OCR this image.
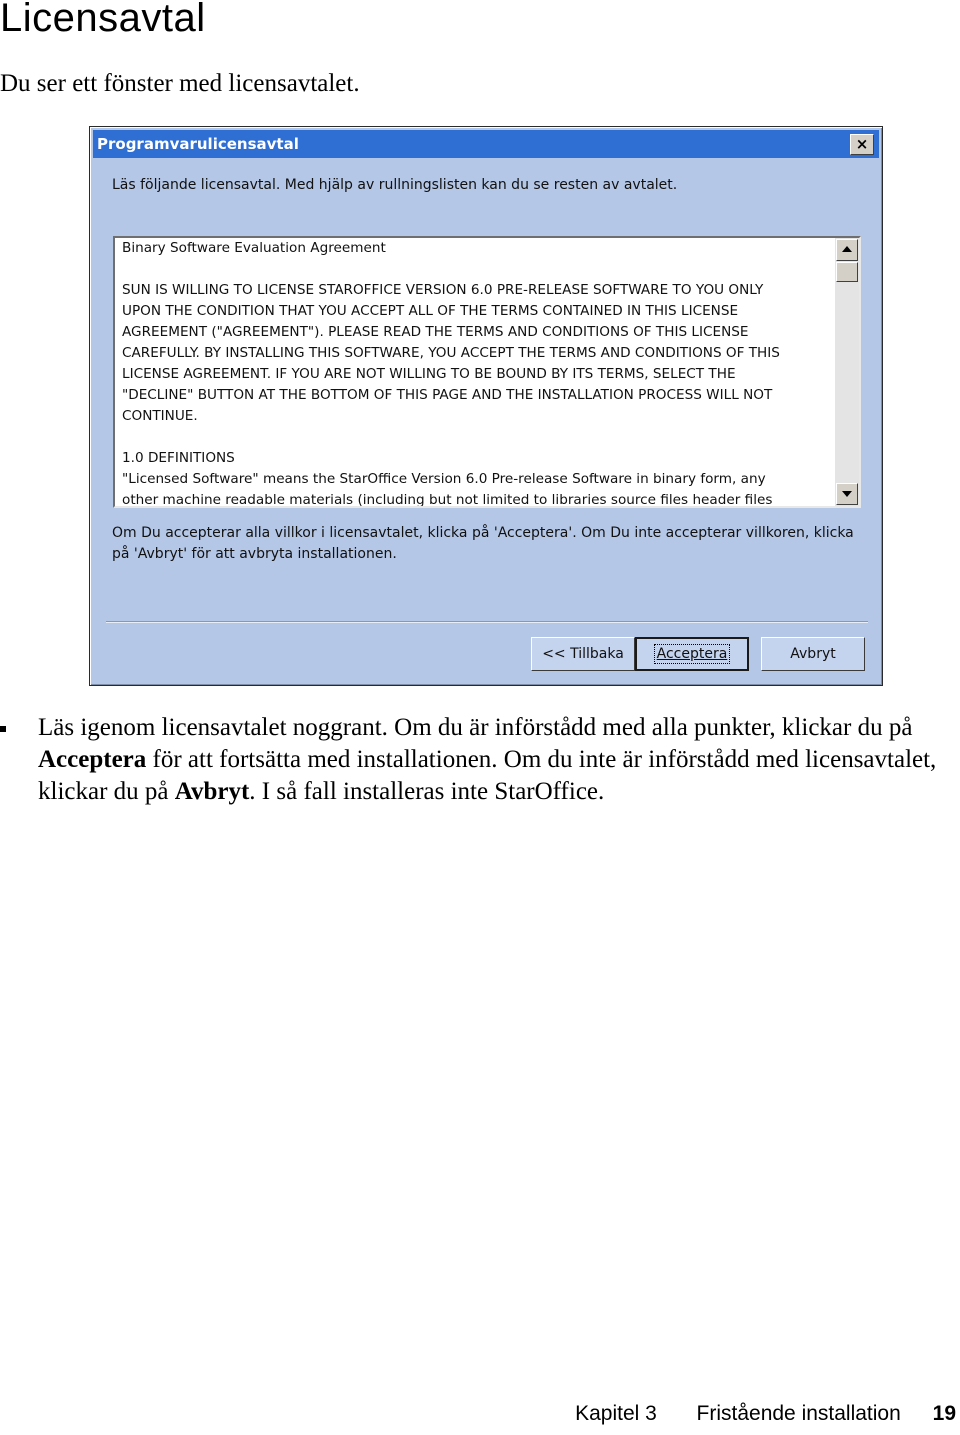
Licensavtal
Du ser ett fönster med licensavtalet.
Programvarulicensavtal	×
Läs följande licensavtal. Med hjälp av rullningslisten kan du se resten av avtalet.
Binary Software Evaluation Agreement

SUN IS WILLING TO LICENSE STAROFFICE VERSION 6.0 PRE-RELEASE SOFTWARE TO YOU ONLY
UPON THE CONDITION THAT YOU ACCEPT ALL OF THE TERMS CONTAINED IN THIS LICENSE
AGREEMENT ("AGREEMENT"). PLEASE READ THE TERMS AND CONDITIONS OF THIS LICENSE
CAREFULLY. BY INSTALLING THIS SOFTWARE, YOU ACCEPT THE TERMS AND CONDITIONS OF THIS
LICENSE AGREEMENT. IF YOU ARE NOT WILLING TO BE BOUND BY ITS TERMS, SELECT THE
"DECLINE" BUTTON AT THE BOTTOM OF THIS PAGE AND THE INSTALLATION PROCESS WILL NOT
CONTINUE.

1.0 DEFINITIONS
"Licensed Software" means the StarOffice Version 6.0 Pre-release Software in binary form, any
other machine readable materials (including but not limited to libraries source files header files
Om Du accepterar alla villkor i licensavtalet, klicka på 'Acceptera'. Om Du inte accepterar villkoren, klicka på 'Avbryt' för att avbryta installationen.
<< Tillbaka	Acceptera	Avbryt
Läs igenom licensavtalet noggrant. Om du är införstådd med alla punkter, klickar du på Acceptera för att fortsätta med installationen. Om du inte är införstådd med licensavtalet, klickar du på Avbryt. I så fall installeras inte StarOffice.
Kapitel 3 Fristående installation 19
